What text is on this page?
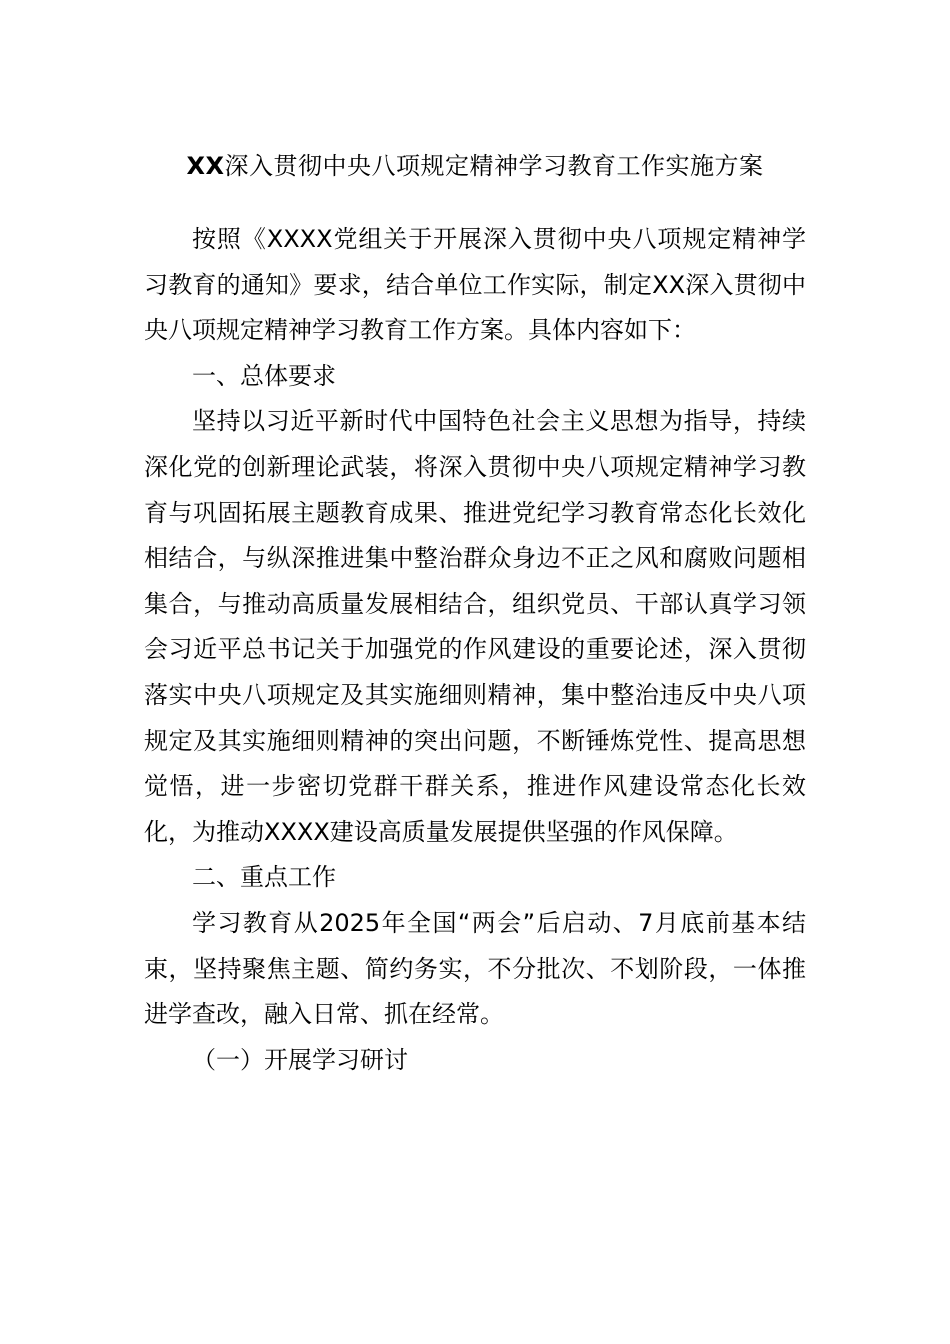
XX深入贯彻中央八项规定精神学习教育工作实施方案

按照《XXXX党组关于开展深入贯彻中央八项规定精神学习教育的通知》要求，结合单位工作实际，制定XX深入贯彻中央八项规定精神学习教育工作方案。具体内容如下：

一、总体要求

坚持以习近平新时代中国特色社会主义思想为指导，持续深化党的创新理论武装，将深入贯彻中央八项规定精神学习教育与巩固拓展主题教育成果、推进党纪学习教育常态化长效化相结合，与纵深推进集中整治群众身边不正之风和腐败问题相集合，与推动高质量发展相结合，组织党员、干部认真学习领会习近平总书记关于加强党的作风建设的重要论述，深入贯彻落实中央八项规定及其实施细则精神，集中整治违反中央八项规定及其实施细则精神的突出问题，不断锤炼党性、提高思想觉悟，进一步密切党群干群关系，推进作风建设常态化长效化，为推动XXXX建设高质量发展提供坚强的作风保障。

二、重点工作

学习教育从2025年全国“两会”后启动、7月底前基本结束，坚持聚焦主题、简约务实，不分批次、不划阶段，一体推进学查改，融入日常、抓在经常。

（一）开展学习研讨
